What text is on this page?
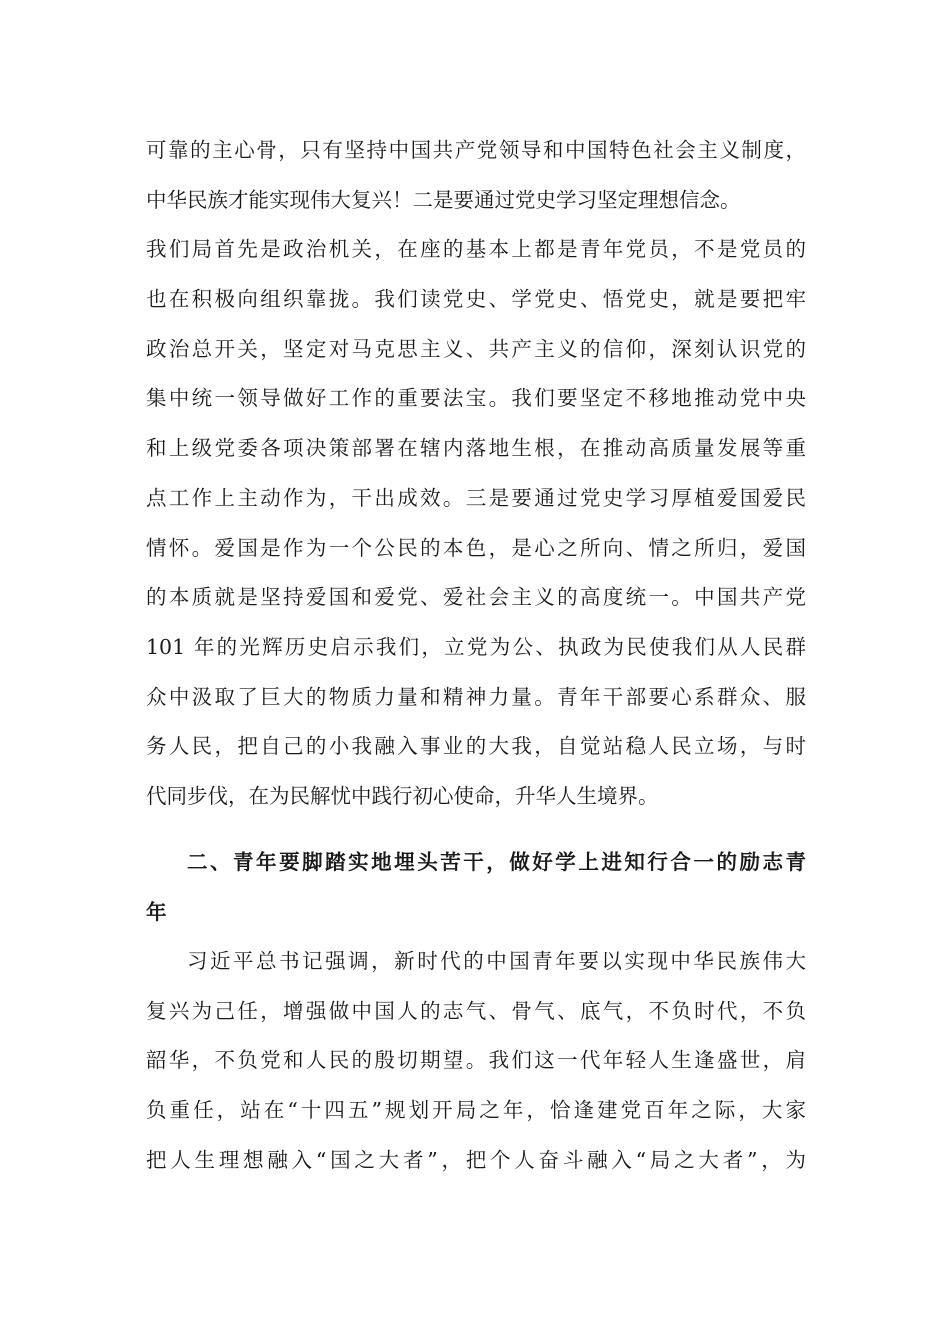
可靠的主心骨，只有坚持中国共产党领导和中国特色社会主义制度，
中华民族才能实现伟大复兴！二是要通过党史学习坚定理想信念。
我们局首先是政治机关，在座的基本上都是青年党员，不是党员的
也在积极向组织靠拢。我们读党史、学党史、悟党史，就是要把牢
政治总开关，坚定对马克思主义、共产主义的信仰，深刻认识党的
集中统一领导做好工作的重要法宝。我们要坚定不移地推动党中央
和上级党委各项决策部署在辖内落地生根，在推动高质量发展等重
点工作上主动作为，干出成效。三是要通过党史学习厚植爱国爱民
情怀。爱国是作为一个公民的本色，是心之所向、情之所归，爱国
的本质就是坚持爱国和爱党、爱社会主义的高度统一。中国共产党
101 年的光辉历史启示我们，立党为公、执政为民使我们从人民群
众中汲取了巨大的物质力量和精神力量。青年干部要心系群众、服
务人民，把自己的小我融入事业的大我，自觉站稳人民立场，与时
代同步伐，在为民解忧中践行初心使命，升华人生境界。
二、青年要脚踏实地埋头苦干，做好学上进知行合一的励志青
年
习近平总书记强调，新时代的中国青年要以实现中华民族伟大
复兴为己任，增强做中国人的志气、骨气、底气，不负时代，不负
韶华，不负党和人民的殷切期望。我们这一代年轻人生逢盛世，肩
负重任，站在“十四五”规划开局之年，恰逢建党百年之际，大家
把人生理想融入“国之大者”，把个人奋斗融入“局之大者”，为
